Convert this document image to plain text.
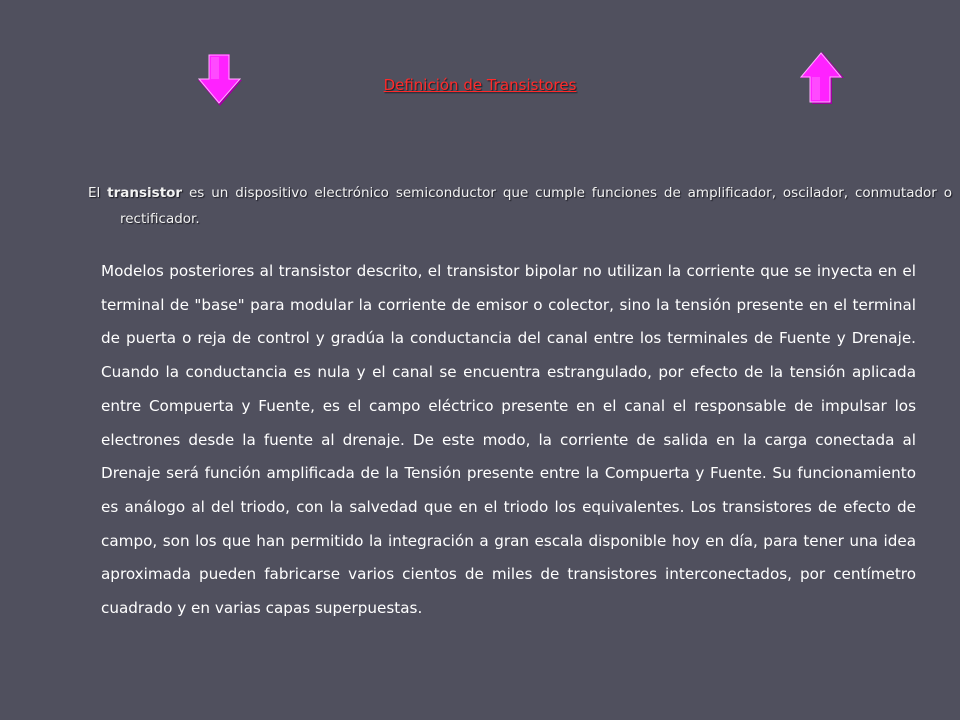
Definición de Transistores

El transistor es un dispositivo electrónico semiconductor que cumple funciones de amplificador, oscilador, conmutador o rectificador.

Modelos posteriores al transistor descrito, el transistor bipolar no utilizan la corriente que se inyecta en el terminal de "base" para modular la corriente de emisor o colector, sino la tensión presente en el terminal de puerta o reja de control y gradúa la conductancia del canal entre los terminales de Fuente y Drenaje. Cuando la conductancia es nula y el canal se encuentra estrangulado, por efecto de la tensión aplicada entre Compuerta y Fuente, es el campo eléctrico presente en el canal el responsable de impulsar los electrones desde la fuente al drenaje. De este modo, la corriente de salida en la carga conectada al Drenaje será función amplificada de la Tensión presente entre la Compuerta y Fuente. Su funcionamiento es análogo al del triodo, con la salvedad que en el triodo los equivalentes. Los transistores de efecto de campo, son los que han permitido la integración a gran escala disponible hoy en día, para tener una idea aproximada pueden fabricarse varios cientos de miles de transistores interconectados, por centímetro cuadrado y en varias capas superpuestas.
